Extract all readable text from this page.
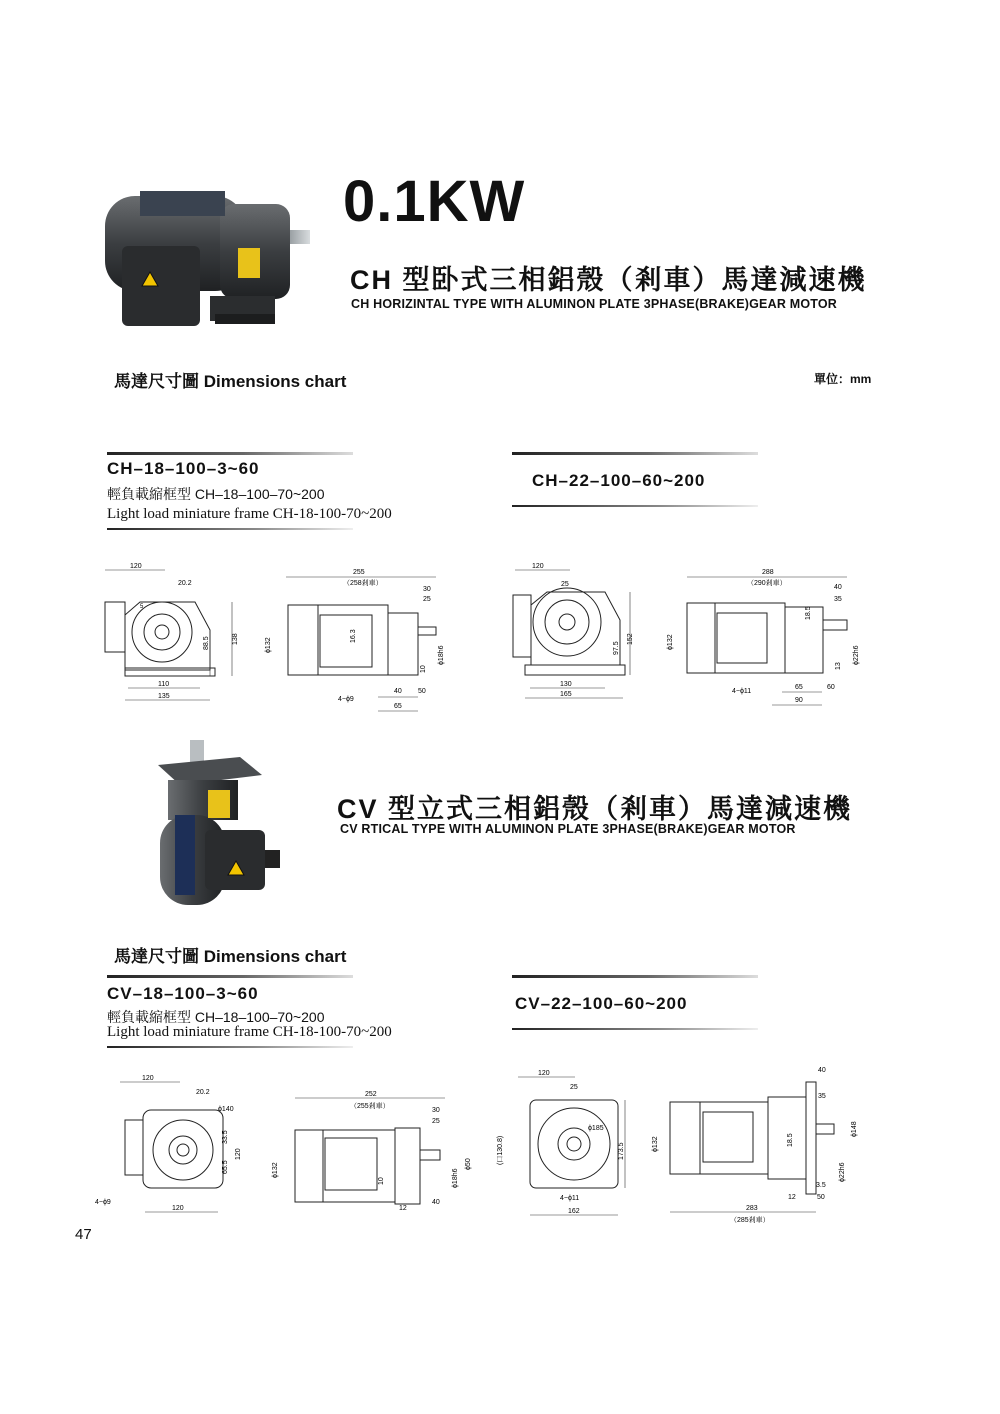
0.1KW
CH 型卧式三相鋁殼（剎車）馬達減速機
CH HORIZINTAL TYPE WITH ALUMINON PLATE 3PHASE(BRAKE)GEAR MOTOR
馬達尺寸圖 Dimensions chart	單位：mm
CH–18–100–3~60
輕負載縮框型 CH–18–100–70~200
Light load miniature frame CH-18-100-70~200
CH–22–100–60~200
120
20.2
5
88.5	138
110
135
255
（258剎車）
30
25
ϕ132
16.3
10
ϕ18h6
4−ϕ9
40 50
65
120
25
97.5
152
130
165
288
（290剎車）
40
35
ϕ132
18.5
13
ϕ22h6
4−ϕ11
65	60
90
CV 型立式三相鋁殼（剎車）馬達減速機
CV RTICAL TYPE WITH ALUMINON PLATE 3PHASE(BRAKE)GEAR MOTOR
馬達尺寸圖 Dimensions chart
CV–18–100–3~60
輕負載縮框型 CH–18–100–70~200
Light load miniature frame CH-18-100-70~200
CV–22–100–60~200
120
20.2
ϕ140
33.5
65.5
120
4−ϕ9
120
252
（255剎車）
30
25
ϕ132
10
ϕ50
ϕ18h6
12
40
120
25
(口130.8)
ϕ185
173.5
4−ϕ11
162
40
35
ϕ132	18.5
ϕ148
ϕ22h6
3.5
12	50
283
（285剎車）
47
